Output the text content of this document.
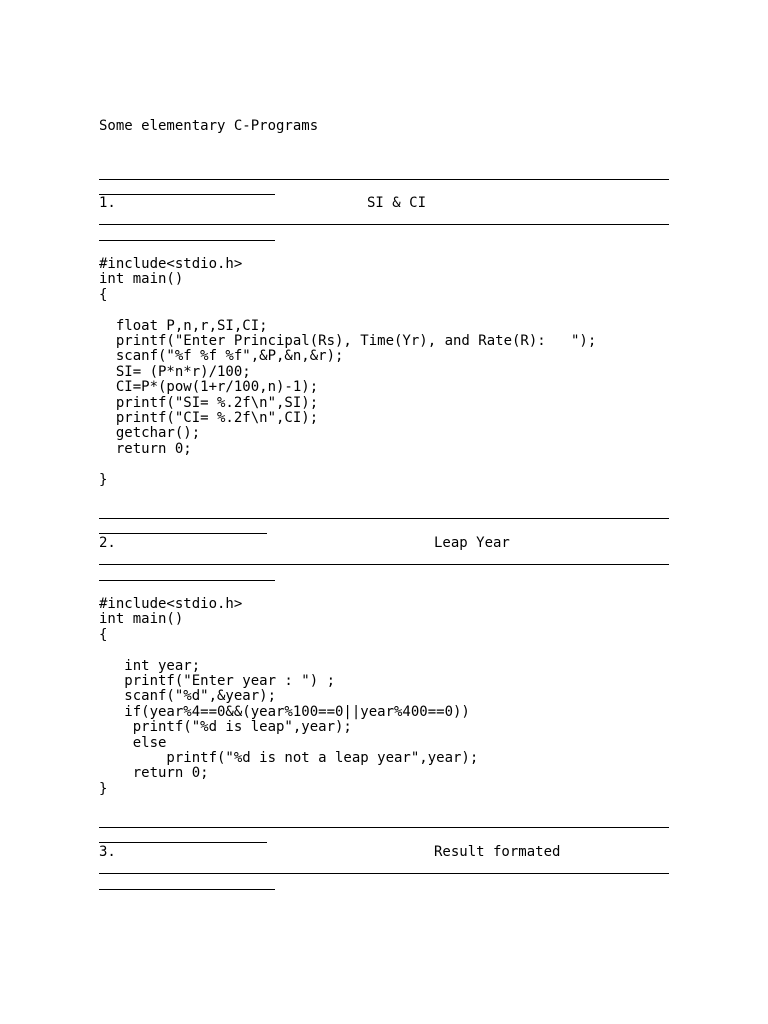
Some elementary C-Programs
1.	SI & CI
#include<stdio.h>
int main()
{

float P,n,r,SI,CI;
printf("Enter Principal(Rs), Time(Yr), and Rate(R):   ");
scanf("%f %f %f",&P,&n,&r);
SI= (P*n*r)/100;
CI=P*(pow(1+r/100,n)-1);
printf("SI= %.2f\n",SI);
printf("CI= %.2f\n",CI);
getchar();
return 0;

}
2.	Leap Year
#include<stdio.h>
int main()
{

int year;
printf("Enter year : ") ;
scanf("%d",&year);
if(year%4==0&&(year%100==0||year%400==0))
printf("%d is leap",year);
else
printf("%d is not a leap year",year);
return 0;
}
3.	Result formated
